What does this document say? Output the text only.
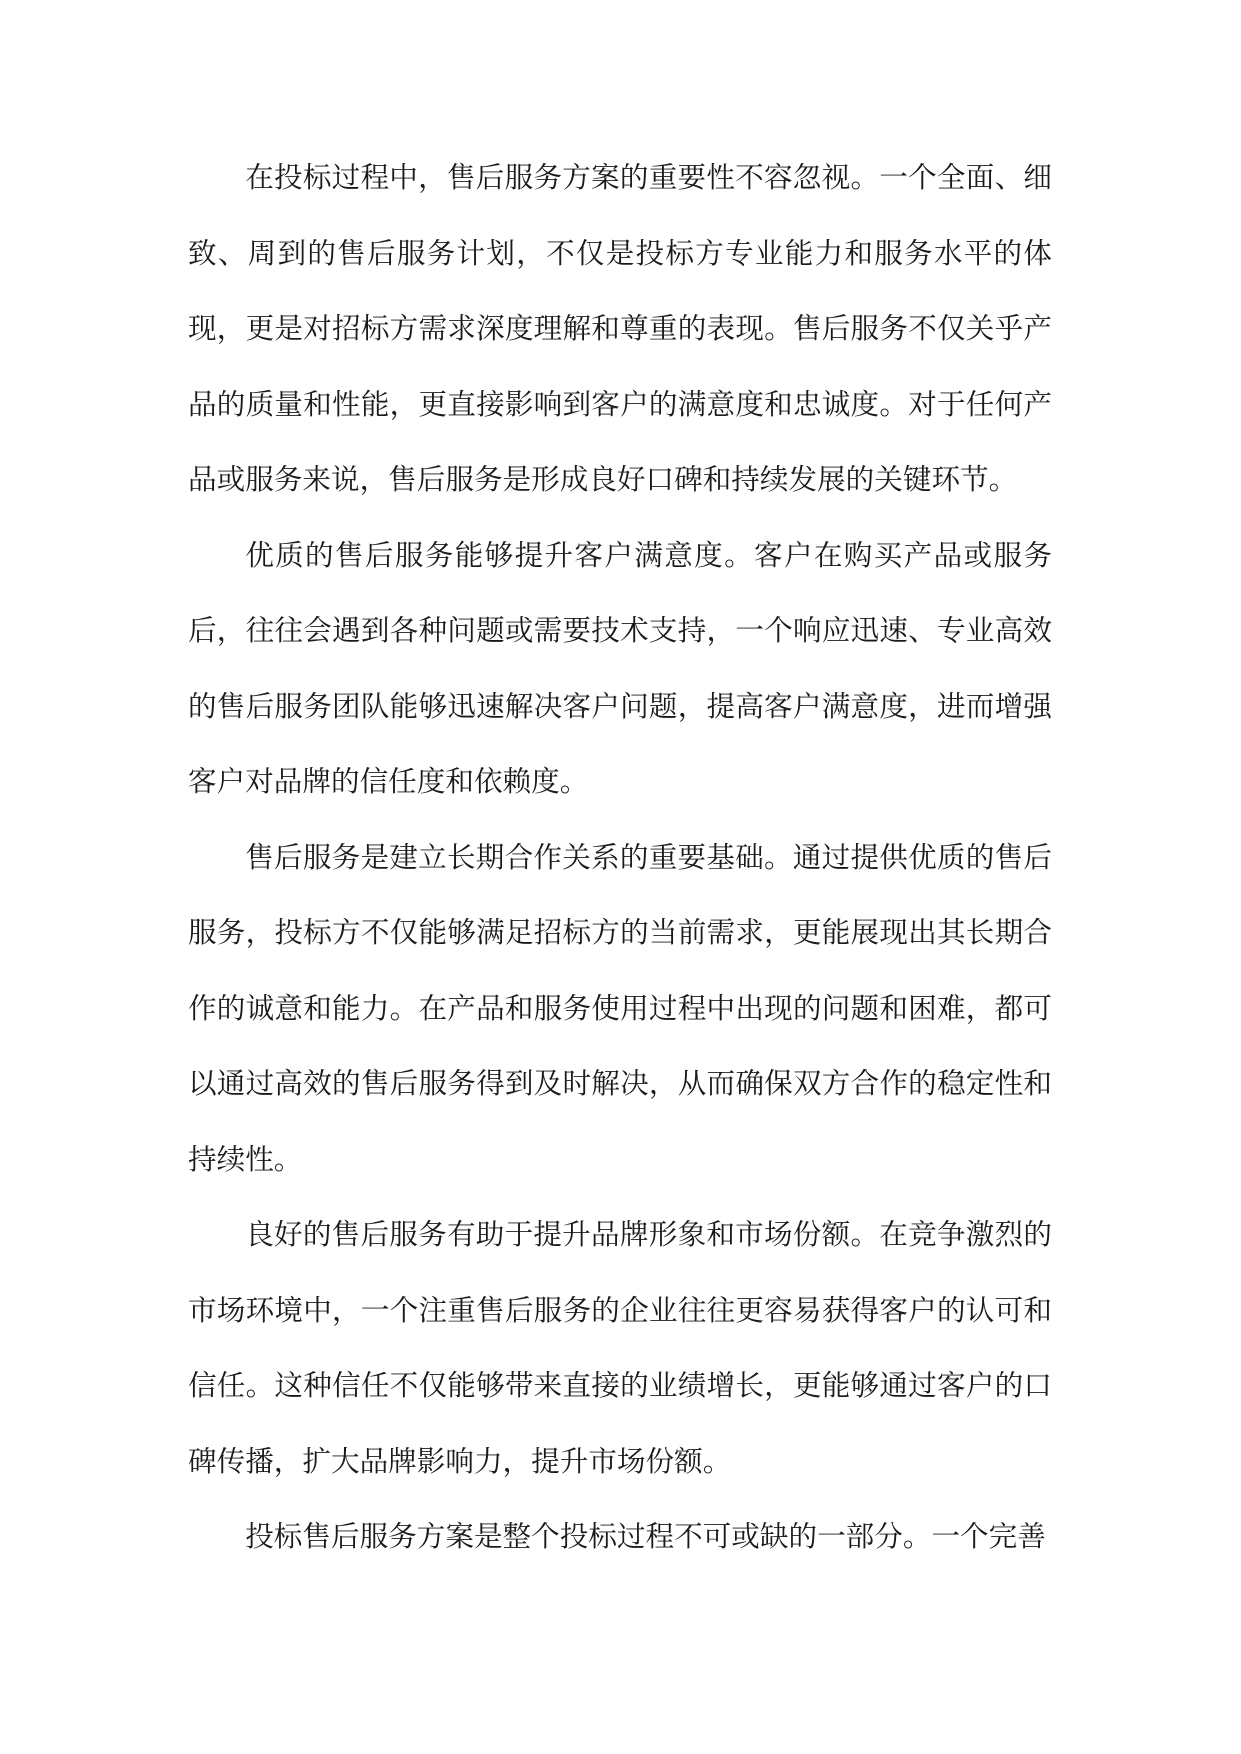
在投标过程中，售后服务方案的重要性不容忽视。一个全面、细致、周到的售后服务计划，不仅是投标方专业能力和服务水平的体现，更是对招标方需求深度理解和尊重的表现。售后服务不仅关乎产品的质量和性能，更直接影响到客户的满意度和忠诚度。对于任何产品或服务来说，售后服务是形成良好口碑和持续发展的关键环节。

优质的售后服务能够提升客户满意度。客户在购买产品或服务后，往往会遇到各种问题或需要技术支持，一个响应迅速、专业高效的售后服务团队能够迅速解决客户问题，提高客户满意度，进而增强客户对品牌的信任度和依赖度。

售后服务是建立长期合作关系的重要基础。通过提供优质的售后服务，投标方不仅能够满足招标方的当前需求，更能展现出其长期合作的诚意和能力。在产品和服务使用过程中出现的问题和困难，都可以通过高效的售后服务得到及时解决，从而确保双方合作的稳定性和持续性。

良好的售后服务有助于提升品牌形象和市场份额。在竞争激烈的市场环境中，一个注重售后服务的企业往往更容易获得客户的认可和信任。这种信任不仅能够带来直接的业绩增长，更能够通过客户的口碑传播，扩大品牌影响力，提升市场份额。

投标售后服务方案是整个投标过程不可或缺的一部分。一个完善
